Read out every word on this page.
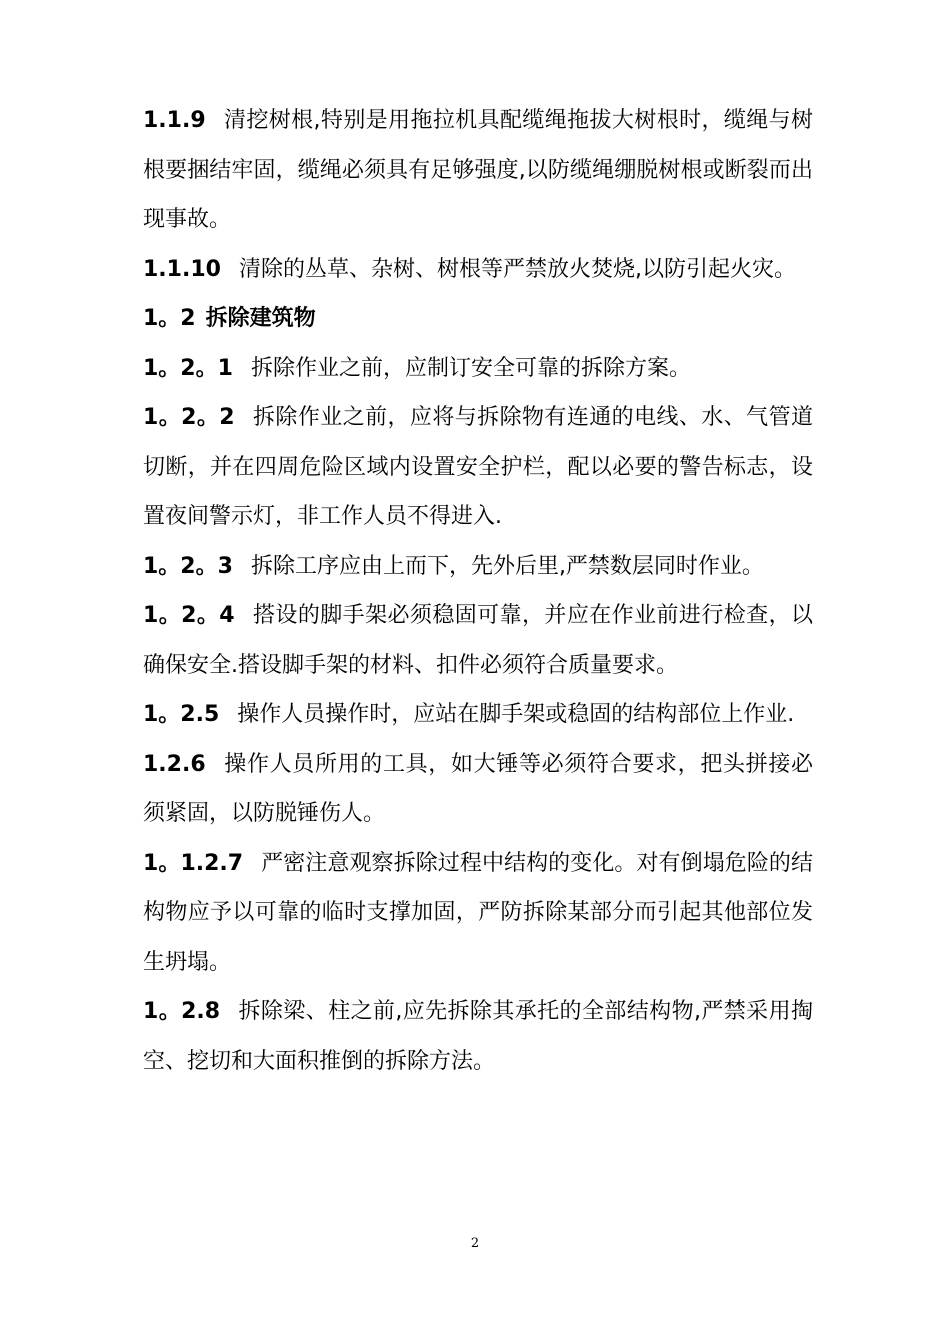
1.1.9 清挖树根,特别是用拖拉机具配缆绳拖拔大树根时，缆绳与树根要捆结牢固，缆绳必须具有足够强度,以防缆绳绷脱树根或断裂而出现事故。

1.1.10 清除的丛草、杂树、树根等严禁放火焚烧,以防引起火灾。

1。2 拆除建筑物

1。2。1 拆除作业之前，应制订安全可靠的拆除方案。

1。2。2 拆除作业之前，应将与拆除物有连通的电线、水、气管道切断，并在四周危险区域内设置安全护栏，配以必要的警告标志，设置夜间警示灯，非工作人员不得进入.

1。2。3 拆除工序应由上而下，先外后里,严禁数层同时作业。

1。2。4 搭设的脚手架必须稳固可靠，并应在作业前进行检查，以确保安全.搭设脚手架的材料、扣件必须符合质量要求。

1。2.5 操作人员操作时，应站在脚手架或稳固的结构部位上作业.

1.2.6 操作人员所用的工具，如大锤等必须符合要求，把头拼接必须紧固，以防脱锤伤人。

1。1.2.7 严密注意观察拆除过程中结构的变化。对有倒塌危险的结构物应予以可靠的临时支撑加固，严防拆除某部分而引起其他部位发生坍塌。

1。2.8 拆除梁、柱之前,应先拆除其承托的全部结构物,严禁采用掏空、挖切和大面积推倒的拆除方法。

2
